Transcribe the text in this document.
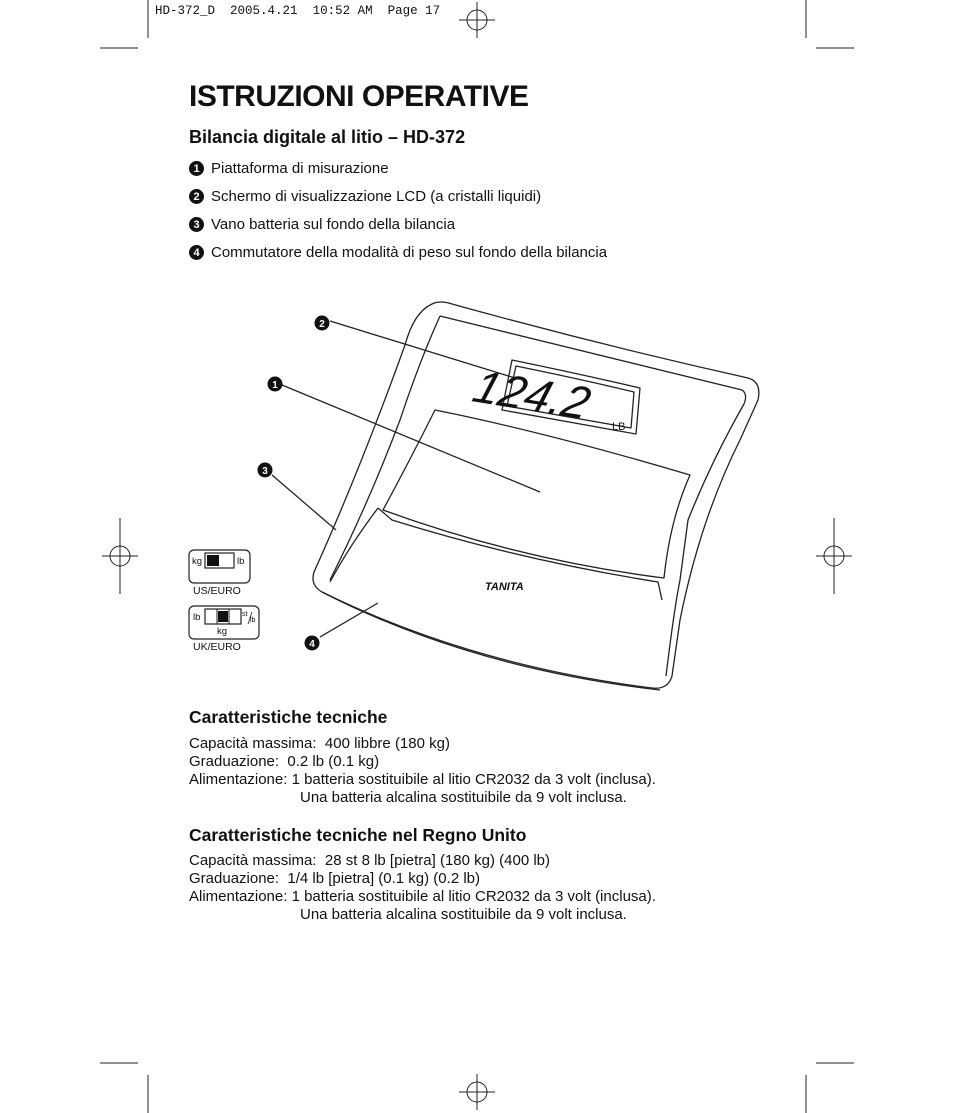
HD-372_D 2005.4.21 10:52 AM Page 17
ISTRUZIONI OPERATIVE
Bilancia digitale al litio – HD-372
1 Piattaforma di misurazione
2 Schermo di visualizzazione LCD (a cristalli liquidi)
3 Vano batteria sul fondo della bilancia
4 Commutatore della modalità di peso sul fondo della bilancia
124.2 LB
TANITA
2
1
3
4
kg	lb
US/EURO
lb	st
lb
kg
UK/EURO
Caratteristiche tecniche
Capacità massima:
400 libbre (180 kg)
Graduazione:
0.2 lb (0.1 kg)
Alimentazione:
1 batteria sostituibile al litio CR2032 da 3 volt (inclusa).
Una batteria alcalina sostituibile da 9 volt inclusa.
Caratteristiche tecniche nel Regno Unito
Capacità massima:
28 st 8 lb [pietra] (180 kg) (400 lb)
Graduazione:
1/4 lb [pietra] (0.1 kg) (0.2 lb)
Alimentazione:
1 batteria sostituibile al litio CR2032 da 3 volt (inclusa).
Una batteria alcalina sostituibile da 9 volt inclusa.
